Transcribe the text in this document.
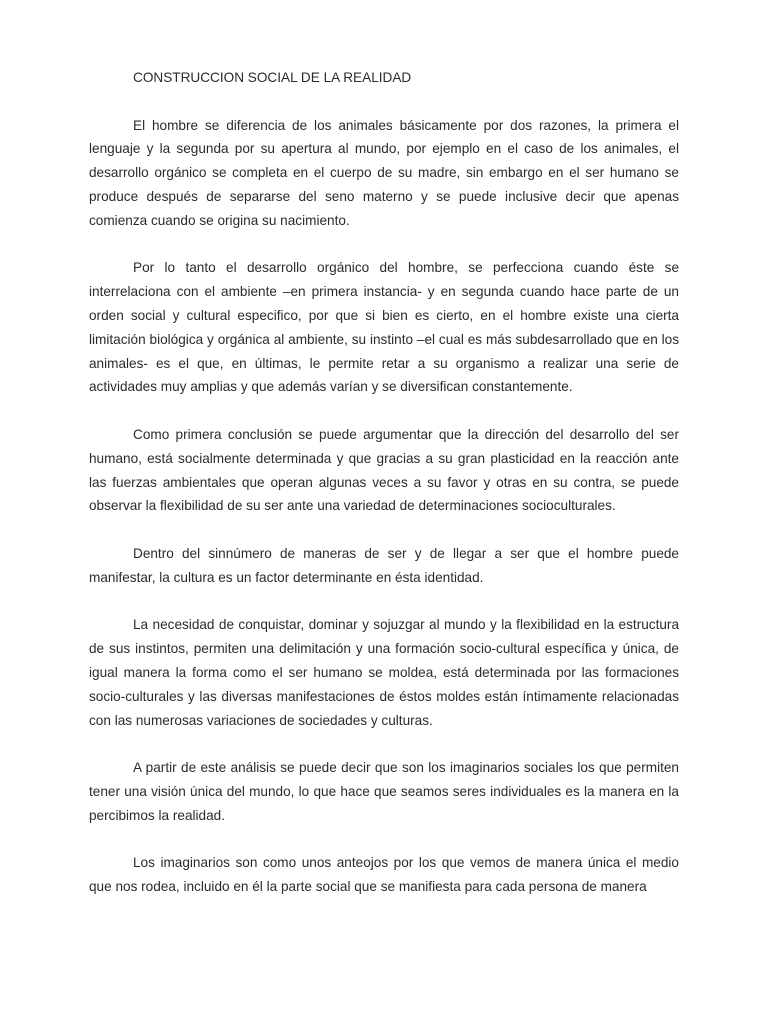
CONSTRUCCION SOCIAL DE LA REALIDAD

El hombre se diferencia de los animales básicamente por dos razones, la primera el lenguaje y la segunda por su apertura al mundo, por ejemplo en el caso de los animales, el desarrollo orgánico se completa en el cuerpo de su madre, sin embargo en el ser humano se produce después de separarse del seno materno y se puede inclusive decir que apenas comienza cuando se origina su nacimiento.

Por lo tanto el desarrollo orgánico del hombre, se perfecciona cuando éste se interrelaciona con el ambiente –en primera instancia- y en segunda cuando hace parte de un orden social y cultural especifico, por que si bien es cierto, en el hombre existe una cierta limitación biológica y orgánica al ambiente, su instinto –el cual es más subdesarrollado que en los animales- es el que, en últimas, le permite retar a su organismo a realizar una serie de actividades muy amplias y que además varían y se diversifican constantemente.

Como primera conclusión se puede argumentar que la dirección del desarrollo del ser humano, está socialmente determinada y que gracias a su gran plasticidad en la reacción ante las fuerzas ambientales que operan algunas veces a su favor y otras en su contra, se puede observar la flexibilidad de su ser ante una variedad de determinaciones socioculturales.

Dentro del sinnúmero de maneras de ser y de llegar a ser que el hombre puede manifestar, la cultura es un factor determinante en ésta identidad.

La necesidad de conquistar, dominar y sojuzgar al mundo y la flexibilidad en la estructura de sus instintos, permiten una delimitación y una formación socio-cultural específica y única, de igual manera la forma como el ser humano se moldea, está determinada por las formaciones socio-culturales y las diversas manifestaciones de éstos moldes están íntimamente relacionadas con las numerosas variaciones de sociedades y culturas.

A partir de este análisis se puede decir que son los imaginarios sociales los que permiten tener una visión única del mundo, lo que hace que seamos seres individuales es la manera en la percibimos la realidad.

Los imaginarios son como unos anteojos por los que vemos de manera única el medio que nos rodea, incluido en él la parte social que se manifiesta para cada persona de manera
